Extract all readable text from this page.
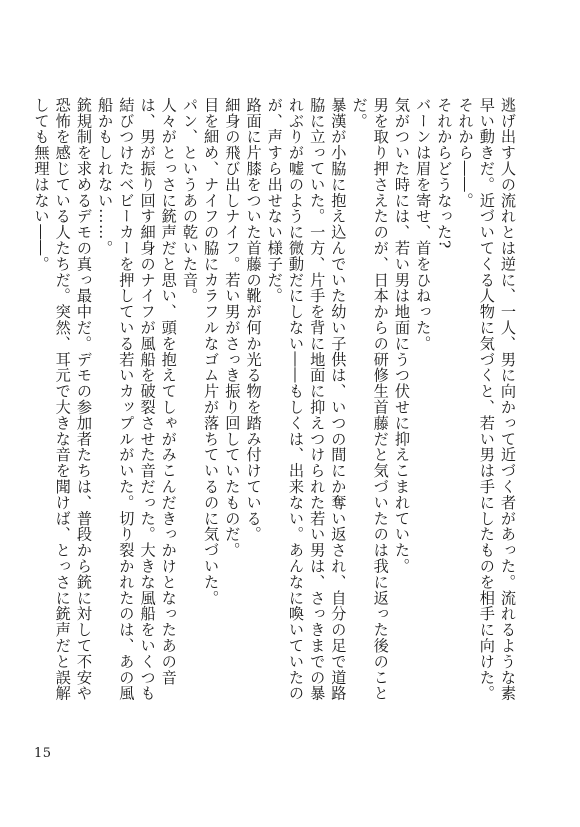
逃げ出す人の流れとは逆に、一人、男に向かって近づく者があった。流れるような素早い動きだ。近づいてくる人物に気づくと、若い男は手にしたものを相手に向けた。それから――。

それからどうなった?

バーンは眉を寄せ、首をひねった。

気がついた時には、若い男は地面にうつ伏せに抑えこまれていた。

男を取り押さえたのが、日本からの研修生首藤だと気づいたのは我に返った後のことだ。

暴漢が小脇に抱え込んでいた幼い子供は、いつの間にか奪い返され、自分の足で道路脇に立っていた。一方、片手を背に地面に抑えつけられた若い男は、さっきまでの暴れぶりが嘘のように微動だにしない――もしくは、出来ない。あんなに喚いていたのが、声すら出せない様子だ。

路面に片膝をついた首藤の靴が何か光る物を踏み付けている。

細身の飛び出しナイフ。若い男がさっき振り回していたものだ。

目を細め、ナイフの脇にカラフルなゴム片が落ちているのに気づいた。

パン、というあの乾いた音。

人々がとっさに銃声だと思い、頭を抱えてしゃがみこんだきっかけとなったあの音は、男が振り回す細身のナイフが風船を破裂させた音だった。大きな風船をいくつも結びつけたベビーカーを押している若いカップルがいた。切り裂かれたのは、あの風船かもしれない……。

銃規制を求めるデモの真っ最中だ。デモの参加者たちは、普段から銃に対して不安や恐怖を感じている人たちだ。突然、耳元で大きな音を聞けば、とっさに銃声だと誤解しても無理はない――。

15
